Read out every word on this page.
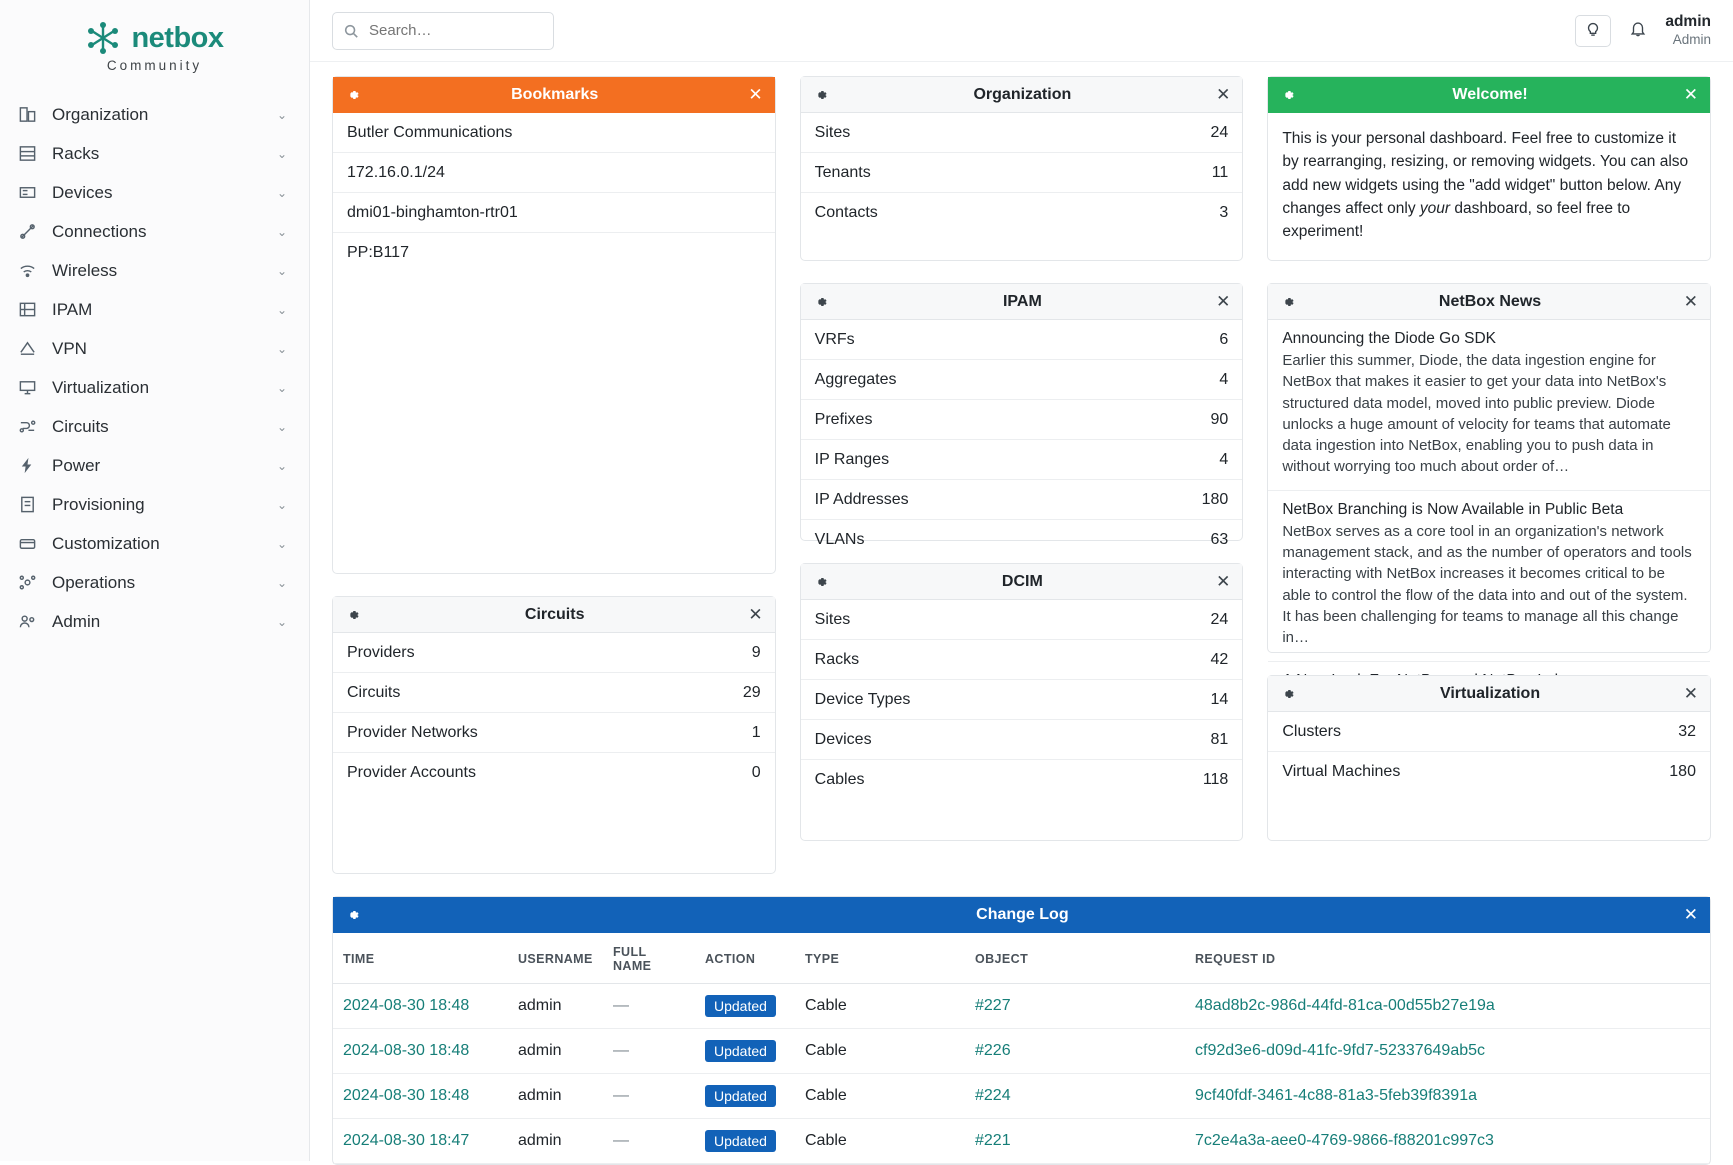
netbox
Community
Organization	⌄
Racks	⌄
Devices	⌄
Connections	⌄
Wireless	⌄
IPAM	⌄
VPN	⌄
Virtualization	⌄
Circuits	⌄
Power	⌄
Provisioning	⌄
Customization	⌄
Operations	⌄
Admin	⌄
Search…
admin
Admin
Bookmarks	✕
Butler Communications
172.16.0.1/24
dmi01-binghamton-rtr01
PP:B117
Circuits	✕
Providers	9
Circuits	29
Provider Networks	1
Provider Accounts	0
Organization	✕
Sites	24
Tenants	11
Contacts	3
IPAM	✕
VRFs	6
Aggregates	4
Prefixes	90
IP Ranges	4
IP Addresses	180
VLANs	63
DCIM	✕
Sites	24
Racks	42
Device Types	14
Devices	81
Cables	118
Welcome!	✕
This is your personal dashboard. Feel free to customize it by rearranging, resizing, or removing widgets. You can also add new widgets using the "add widget" button below. Any changes affect only your dashboard, so feel free to experiment!
NetBox News	✕
Announcing the Diode Go SDK
Earlier this summer, Diode, the data ingestion engine for NetBox that makes it easier to get your data into NetBox's structured data model, moved into public preview. Diode unlocks a huge amount of velocity for teams that automate data ingestion into NetBox, enabling you to push data in without worrying too much about order of…
NetBox Branching is Now Available in Public Beta
NetBox serves as a core tool in an organization's network management stack, and as the number of operators and tools interacting with NetBox increases it becomes critical to be able to control the flow of the data into and out of the system. It has been challenging for teams to manage all this change in…
Virtualization	✕
Clusters	32
Virtual Machines	180
Change Log	✕
TIME	USERNAME	FULL NAME	ACTION	TYPE	OBJECT	REQUEST ID
2024-08-30 18:48	admin	—	Updated	Cable	#227	48ad8b2c-986d-44fd-81ca-00d55b27e19a
2024-08-30 18:48	admin	—	Updated	Cable	#226	cf92d3e6-d09d-41fc-9fd7-52337649ab5c
2024-08-30 18:48	admin	—	Updated	Cable	#224	9cf40fdf-3461-4c88-81a3-5feb39f8391a
2024-08-30 18:47	admin	—	Updated	Cable	#221	7c2e4a3a-aee0-4769-9866-f88201c997c3
